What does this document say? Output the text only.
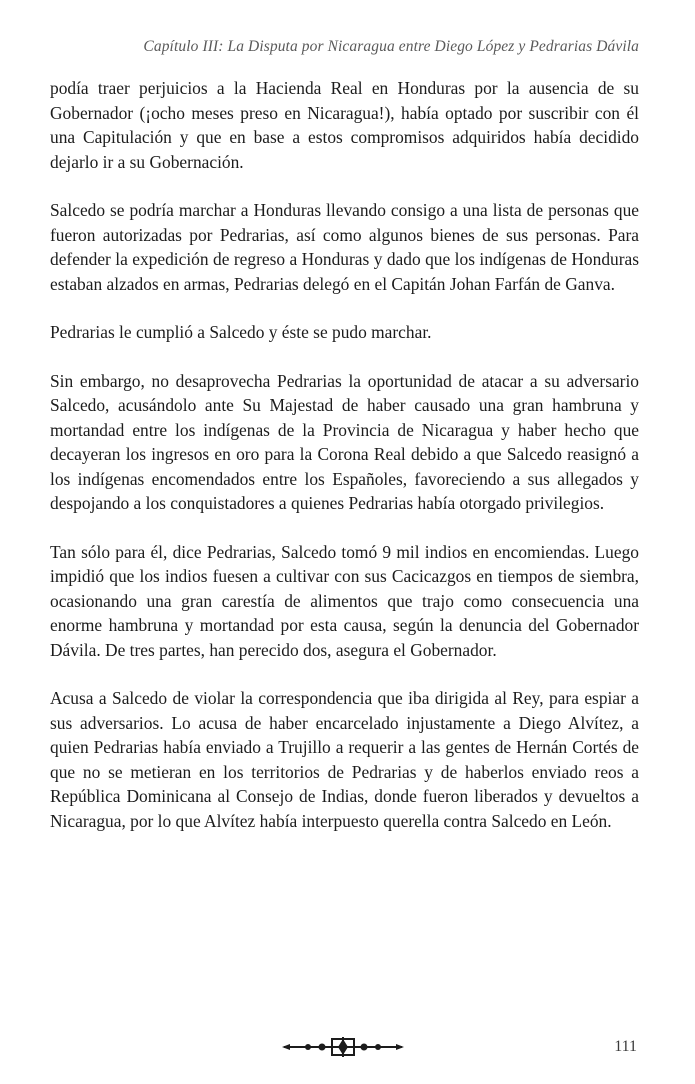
Capítulo III: La Disputa por Nicaragua entre Diego López y Pedrarias Dávila

podía traer perjuicios a la Hacienda Real en Honduras por la ausencia de su Gobernador (¡ocho meses preso en Nicaragua!), había optado por suscribir con él una Capitulación y que en base a estos compromisos adquiridos había decidido dejarlo ir a su Gobernación.

Salcedo se podría marchar a Honduras llevando consigo a una lista de personas que fueron autorizadas por Pedrarias, así como algunos bienes de sus personas. Para defender la expedición de regreso a Honduras y dado que los indígenas de Honduras estaban alzados en armas, Pedrarias delegó en el Capitán Johan Farfán de Ganva.

Pedrarias le cumplió a Salcedo y éste se pudo marchar.

Sin embargo, no desaprovecha Pedrarias la oportunidad de atacar a su adversario Salcedo, acusándolo ante Su Majestad de haber causado una gran hambruna y mortandad entre los indígenas de la Provincia de Nicaragua y haber hecho que decayeran los ingresos en oro para la Corona Real debido a que Salcedo reasignó a los indígenas encomendados entre los Españoles, favoreciendo a sus allegados y despojando a los conquistadores a quienes Pedrarias había otorgado privilegios.

Tan sólo para él, dice Pedrarias, Salcedo tomó 9 mil indios en encomiendas. Luego impidió que los indios fuesen a cultivar con sus Cacicazgos en tiempos de siembra, ocasionando una gran carestía de alimentos que trajo como consecuencia una enorme hambruna y mortandad por esta causa, según la denuncia del Gobernador Dávila. De tres partes, han perecido dos, asegura el Gobernador.

Acusa a Salcedo de violar la correspondencia que iba dirigida al Rey, para espiar a sus adversarios. Lo acusa de haber encarcelado injustamente a Diego Alvítez, a quien Pedrarias había enviado a Trujillo a requerir a las gentes de Hernán Cortés de que no se metieran en los territorios de Pedrarias y de haberlos enviado reos a República Dominicana al Consejo de Indias, donde fueron liberados y devueltos a Nicaragua, por lo que Alvítez había interpuesto querella contra Salcedo en León.

111
